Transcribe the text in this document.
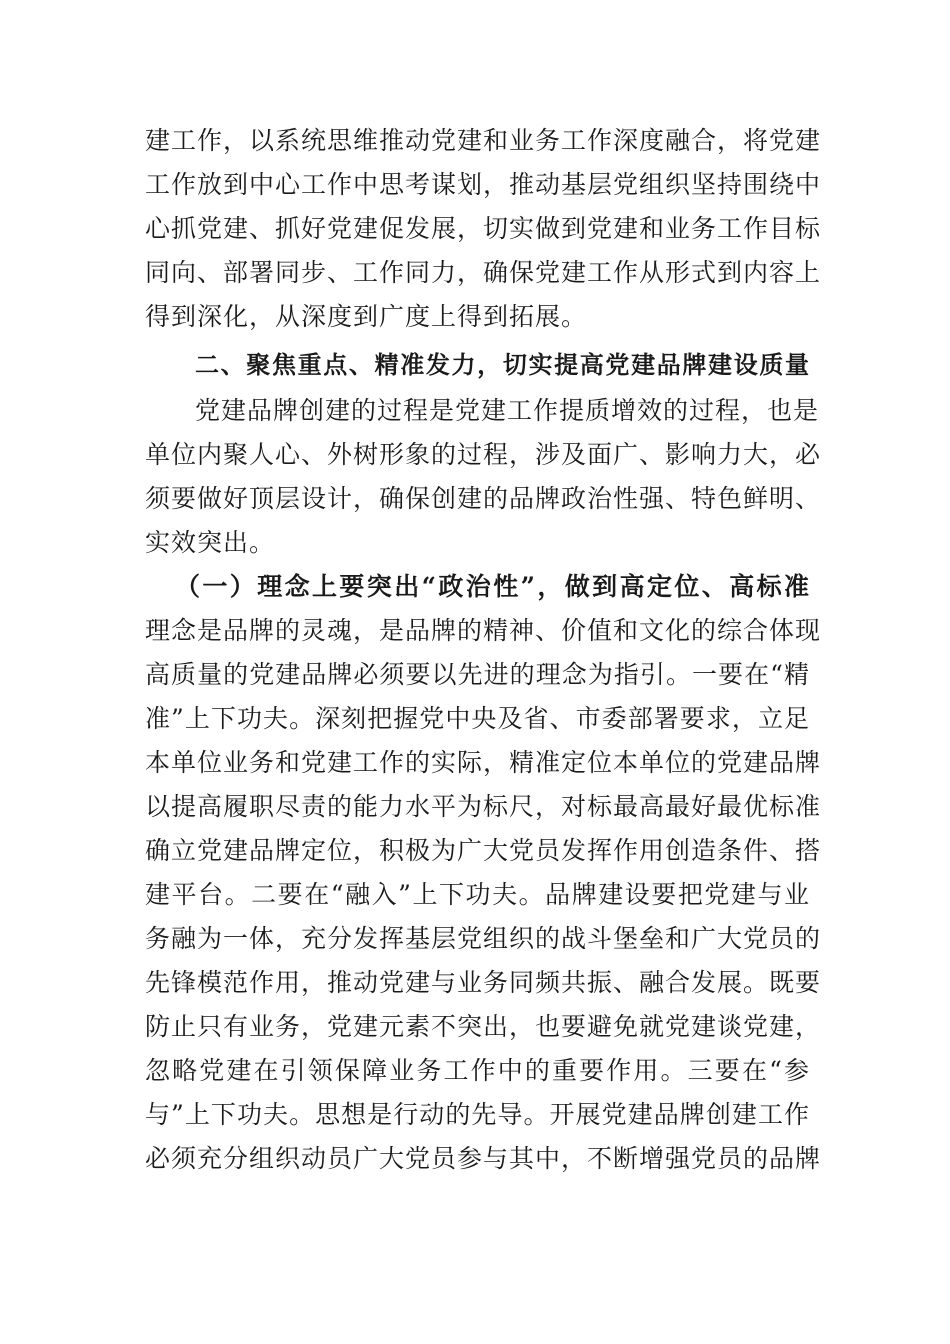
建工作，以系统思维推动党建和业务工作深度融合，将党建
工作放到中心工作中思考谋划，推动基层党组织坚持围绕中
心抓党建、抓好党建促发展，切实做到党建和业务工作目标
同向、部署同步、工作同力，确保党建工作从形式到内容上
得到深化，从深度到广度上得到拓展。
二、聚焦重点、精准发力，切实提高党建品牌建设质量
党建品牌创建的过程是党建工作提质增效的过程，也是
单位内聚人心、外树形象的过程，涉及面广、影响力大，必
须要做好顶层设计，确保创建的品牌政治性强、特色鲜明、
实效突出。
（一）理念上要突出“政治性”，做到高定位、高标准
理念是品牌的灵魂，是品牌的精神、价值和文化的综合体现
高质量的党建品牌必须要以先进的理念为指引。一要在“精
准”上下功夫。深刻把握党中央及省、市委部署要求，立足
本单位业务和党建工作的实际，精准定位本单位的党建品牌
以提高履职尽责的能力水平为标尺，对标最高最好最优标准
确立党建品牌定位，积极为广大党员发挥作用创造条件、搭
建平台。二要在“融入”上下功夫。品牌建设要把党建与业
务融为一体，充分发挥基层党组织的战斗堡垒和广大党员的
先锋模范作用，推动党建与业务同频共振、融合发展。既要
防止只有业务，党建元素不突出，也要避免就党建谈党建，
忽略党建在引领保障业务工作中的重要作用。三要在“参
与”上下功夫。思想是行动的先导。开展党建品牌创建工作
必须充分组织动员广大党员参与其中，不断增强党员的品牌
